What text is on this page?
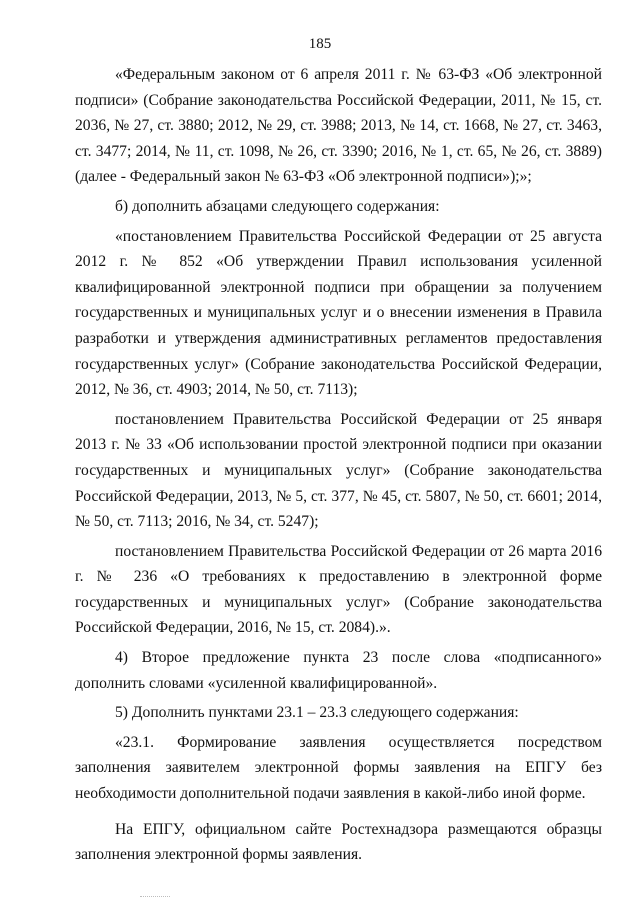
185

«Федеральным законом от 6 апреля 2011 г. № 63-ФЗ «Об электронной подписи» (Собрание законодательства Российской Федерации, 2011, № 15, ст. 2036, № 27, ст. 3880; 2012, № 29, ст. 3988; 2013, № 14, ст. 1668, № 27, ст. 3463, ст. 3477; 2014, № 11, ст. 1098, № 26, ст. 3390; 2016, № 1, ст. 65, № 26, ст. 3889) (далее - Федеральный закон № 63-ФЗ «Об электронной подписи»);»;

б) дополнить абзацами следующего содержания:

«постановлением Правительства Российской Федерации от 25 августа 2012 г. № 852 «Об утверждении Правил использования усиленной квалифицированной электронной подписи при обращении за получением государственных и муниципальных услуг и о внесении изменения в Правила разработки и утверждения административных регламентов предоставления государственных услуг» (Собрание законодательства Российской Федерации, 2012, № 36, ст. 4903; 2014, № 50, ст. 7113);

постановлением Правительства Российской Федерации от 25 января 2013 г. № 33 «Об использовании простой электронной подписи при оказании государственных и муниципальных услуг» (Собрание законодательства Российской Федерации, 2013, № 5, ст. 377, № 45, ст. 5807, № 50, ст. 6601; 2014, № 50, ст. 7113; 2016, № 34, ст. 5247);

постановлением Правительства Российской Федерации от 26 марта 2016 г. № 236 «О требованиях к предоставлению в электронной форме государственных и муниципальных услуг» (Собрание законодательства Российской Федерации, 2016, № 15, ст. 2084).».

4) Второе предложение пункта 23 после слова «подписанного» дополнить словами «усиленной квалифицированной».

5) Дополнить пунктами 23.1 – 23.3 следующего содержания:

«23.1. Формирование заявления осуществляется посредством заполнения заявителем электронной формы заявления на ЕПГУ без необходимости дополнительной подачи заявления в какой-либо иной форме.

На ЕПГУ, официальном сайте Ростехнадзора размещаются образцы заполнения электронной формы заявления.
